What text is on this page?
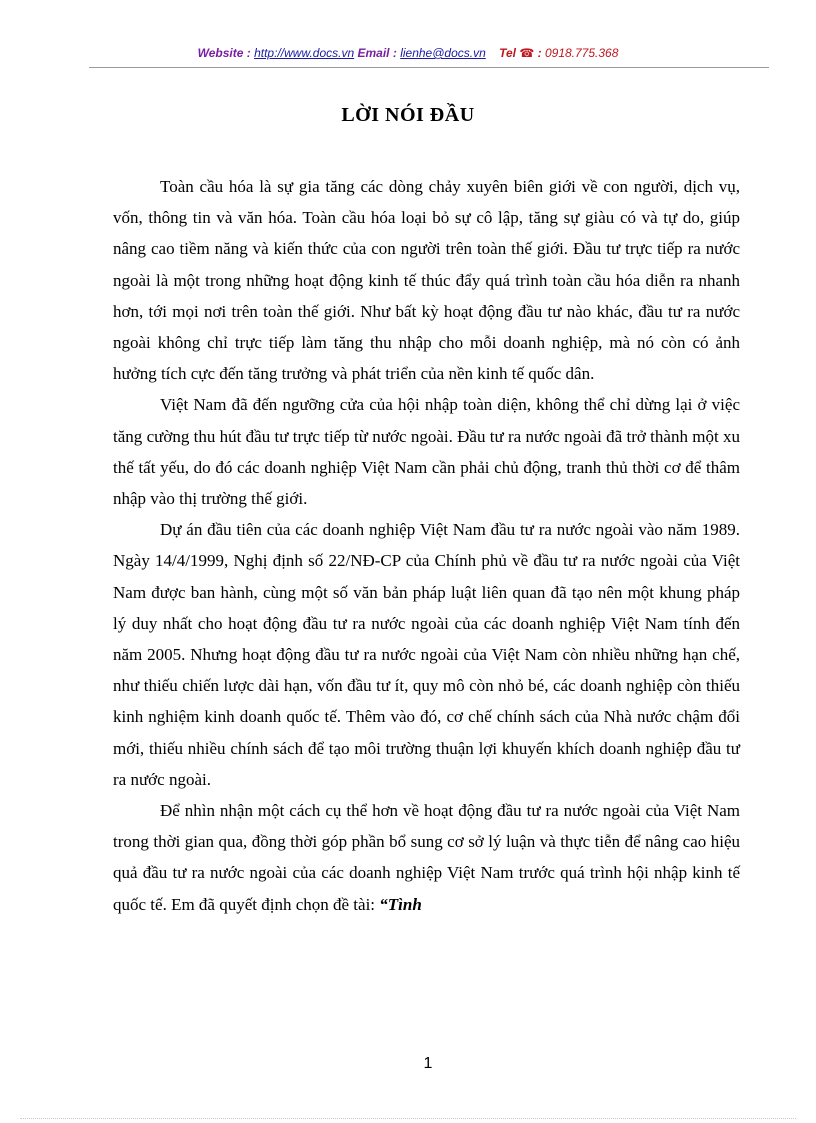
Website : http://www.docs.vn Email : lienhe@docs.vn Tel ☎ : 0918.775.368
LỜI NÓI ĐẦU

Toàn cầu hóa là sự gia tăng các dòng chảy xuyên biên giới về con người, dịch vụ, vốn, thông tin và văn hóa. Toàn cầu hóa loại bỏ sự cô lập, tăng sự giàu có và tự do, giúp nâng cao tiềm năng và kiến thức của con người trên toàn thế giới. Đầu tư trực tiếp ra nước ngoài là một trong những hoạt động kinh tế thúc đẩy quá trình toàn cầu hóa diễn ra nhanh hơn, tới mọi nơi trên toàn thế giới. Như bất kỳ hoạt động đầu tư nào khác, đầu tư ra nước ngoài không chỉ trực tiếp làm tăng thu nhập cho mỗi doanh nghiệp, mà nó còn có ảnh hưởng tích cực đến tăng trưởng và phát triển của nền kinh tế quốc dân.

Việt Nam đã đến ngưỡng cửa của hội nhập toàn diện, không thể chỉ dừng lại ở việc tăng cường thu hút đầu tư trực tiếp từ nước ngoài. Đầu tư ra nước ngoài đã trở thành một xu thế tất yếu, do đó các doanh nghiệp Việt Nam cần phải chủ động, tranh thủ thời cơ để thâm nhập vào thị trường thế giới.

Dự án đầu tiên của các doanh nghiệp Việt Nam đầu tư ra nước ngoài vào năm 1989. Ngày 14/4/1999, Nghị định số 22/NĐ-CP của Chính phủ về đầu tư ra nước ngoài của Việt Nam được ban hành, cùng một số văn bản pháp luật liên quan đã tạo nên một khung pháp lý duy nhất cho hoạt động đầu tư ra nước ngoài của các doanh nghiệp Việt Nam tính đến năm 2005. Nhưng hoạt động đầu tư ra nước ngoài của Việt Nam còn nhiều những hạn chế, như thiếu chiến lược dài hạn, vốn đầu tư ít, quy mô còn nhỏ bé, các doanh nghiệp còn thiếu kinh nghiệm kinh doanh quốc tế. Thêm vào đó, cơ chế chính sách của Nhà nước chậm đổi mới, thiếu nhiều chính sách để tạo môi trường thuận lợi khuyến khích doanh nghiệp đầu tư ra nước ngoài.

Để nhìn nhận một cách cụ thể hơn về hoạt động đầu tư ra nước ngoài của Việt Nam trong thời gian qua, đồng thời góp phần bổ sung cơ sở lý luận và thực tiễn để nâng cao hiệu quả đầu tư ra nước ngoài của các doanh nghiệp Việt Nam trước quá trình hội nhập kinh tế quốc tế. Em đã quyết định chọn đề tài: “Tình

1
